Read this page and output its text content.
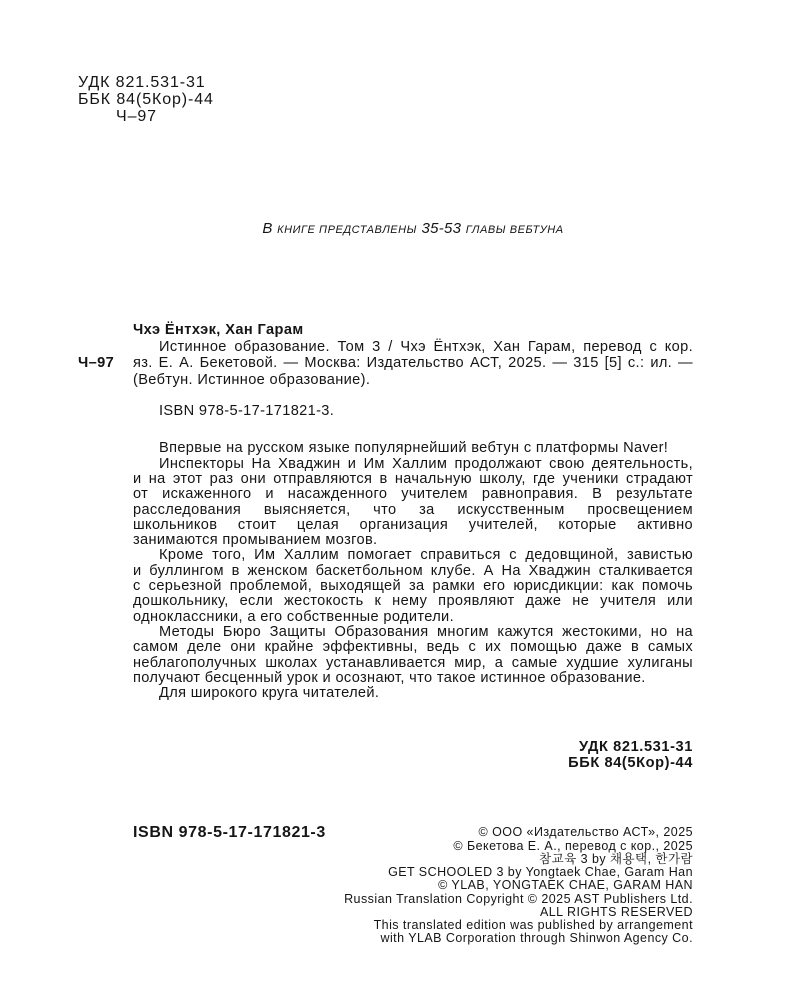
УДК 821.531-31
ББК 84(5Кор)-44
Ч–97
В КНИГЕ ПРЕДСТАВЛЕНЫ 35-53 ГЛАВЫ ВЕБТУНА
Ч–97
Чхэ Ёнтхэк, Хан Гарам
Истинное образование. Том 3 / Чхэ Ёнтхэк, Хан Гарам, перевод с кор.
яз. Е. А. Бекетовой. — Москва: Издательство АСТ, 2025. — 315 [5] с.: ил. —
(Вебтун. Истинное образование).
ISBN 978-5-17-171821-3.
Впервые на русском языке популярнейший вебтун с платформы Naver!
Инспекторы На Хваджин и Им Халлим продолжают свою деятельность,
и на этот раз они отправляются в начальную школу, где ученики страдают
от искаженного и насажденного учителем равноправия. В результате
расследования выясняется, что за искусственным просвещением
школьников стоит целая организация учителей, которые активно
занимаются промыванием мозгов.
Кроме того, Им Халлим помогает справиться с дедовщиной, завистью
и буллингом в женском баскетбольном клубе. А На Хваджин сталкивается
с серьезной проблемой, выходящей за рамки его юрисдикции: как помочь
дошкольнику, если жестокость к нему проявляют даже не учителя или
одноклассники, а его собственные родители.
Методы Бюро Защиты Образования многим кажутся жестокими, но на
самом деле они крайне эффективны, ведь с их помощью даже в самых
неблагополучных школах устанавливается мир, а самые худшие хулиганы
получают бесценный урок и осознают, что такое истинное образование.
Для широкого круга читателей.
УДК 821.531-31
ББК 84(5Кор)-44
ISBN 978-5-17-171821-3	© ООО «Издательство АСТ», 2025
© Бекетова Е. А., перевод с кор., 2025
참교육 3 by 채용택, 한가람
GET SCHOOLED 3 by Yongtaek Chae, Garam Han
© YLAB, YONGTAEK CHAE, GARAM HAN
Russian Translation Copyright © 2025 AST Publishers Ltd.
ALL RIGHTS RESERVED
This translated edition was published by arrangement
with YLAB Corporation through Shinwon Agency Co.
